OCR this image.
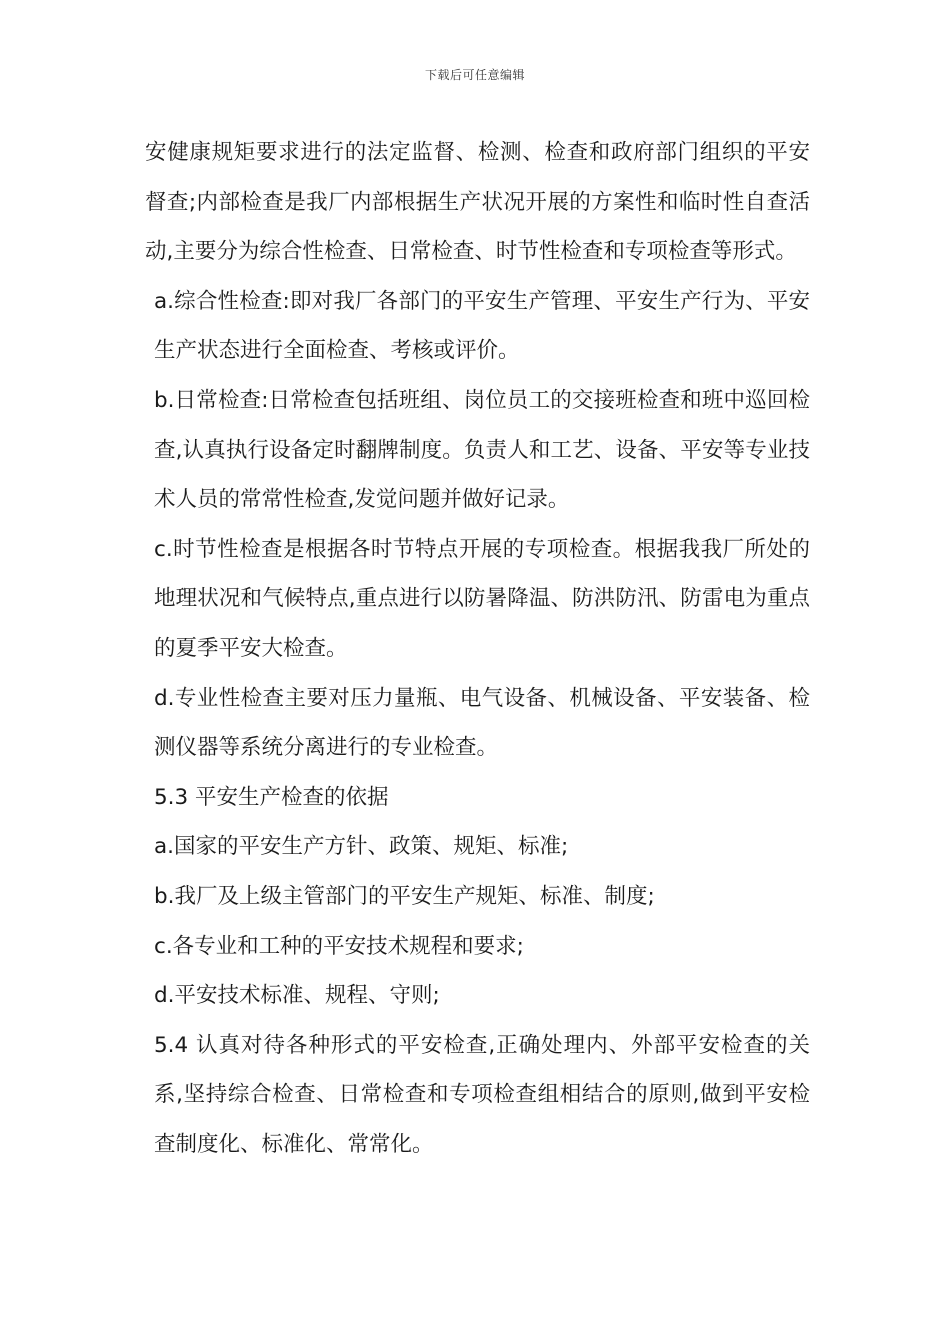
下载后可任意编辑

安健康规矩要求进行的法定监督、检测、检查和政府部门组织的平安督查;内部检查是我厂内部根据生产状况开展的方案性和临时性自查活动,主要分为综合性检查、日常检查、时节性检查和专项检查等形式。

a.综合性检查:即对我厂各部门的平安生产管理、平安生产行为、平安生产状态进行全面检查、考核或评价。

b.日常检查:日常检查包括班组、岗位员工的交接班检查和班中巡回检查,认真执行设备定时翻牌制度。负责人和工艺、设备、平安等专业技术人员的常常性检查,发觉问题并做好记录。

c.时节性检查是根据各时节特点开展的专项检查。根据我我厂所处的地理状况和气候特点,重点进行以防暑降温、防洪防汛、防雷电为重点的夏季平安大检查。

d.专业性检查主要对压力量瓶、电气设备、机械设备、平安装备、检测仪器等系统分离进行的专业检查。

5.3 平安生产检查的依据

a.国家的平安生产方针、政策、规矩、标准;

b.我厂及上级主管部门的平安生产规矩、标准、制度;

c.各专业和工种的平安技术规程和要求;

d.平安技术标准、规程、守则;

5.4 认真对待各种形式的平安检查,正确处理内、外部平安检查的关系,坚持综合检查、日常检查和专项检查组相结合的原则,做到平安检查制度化、标准化、常常化。
